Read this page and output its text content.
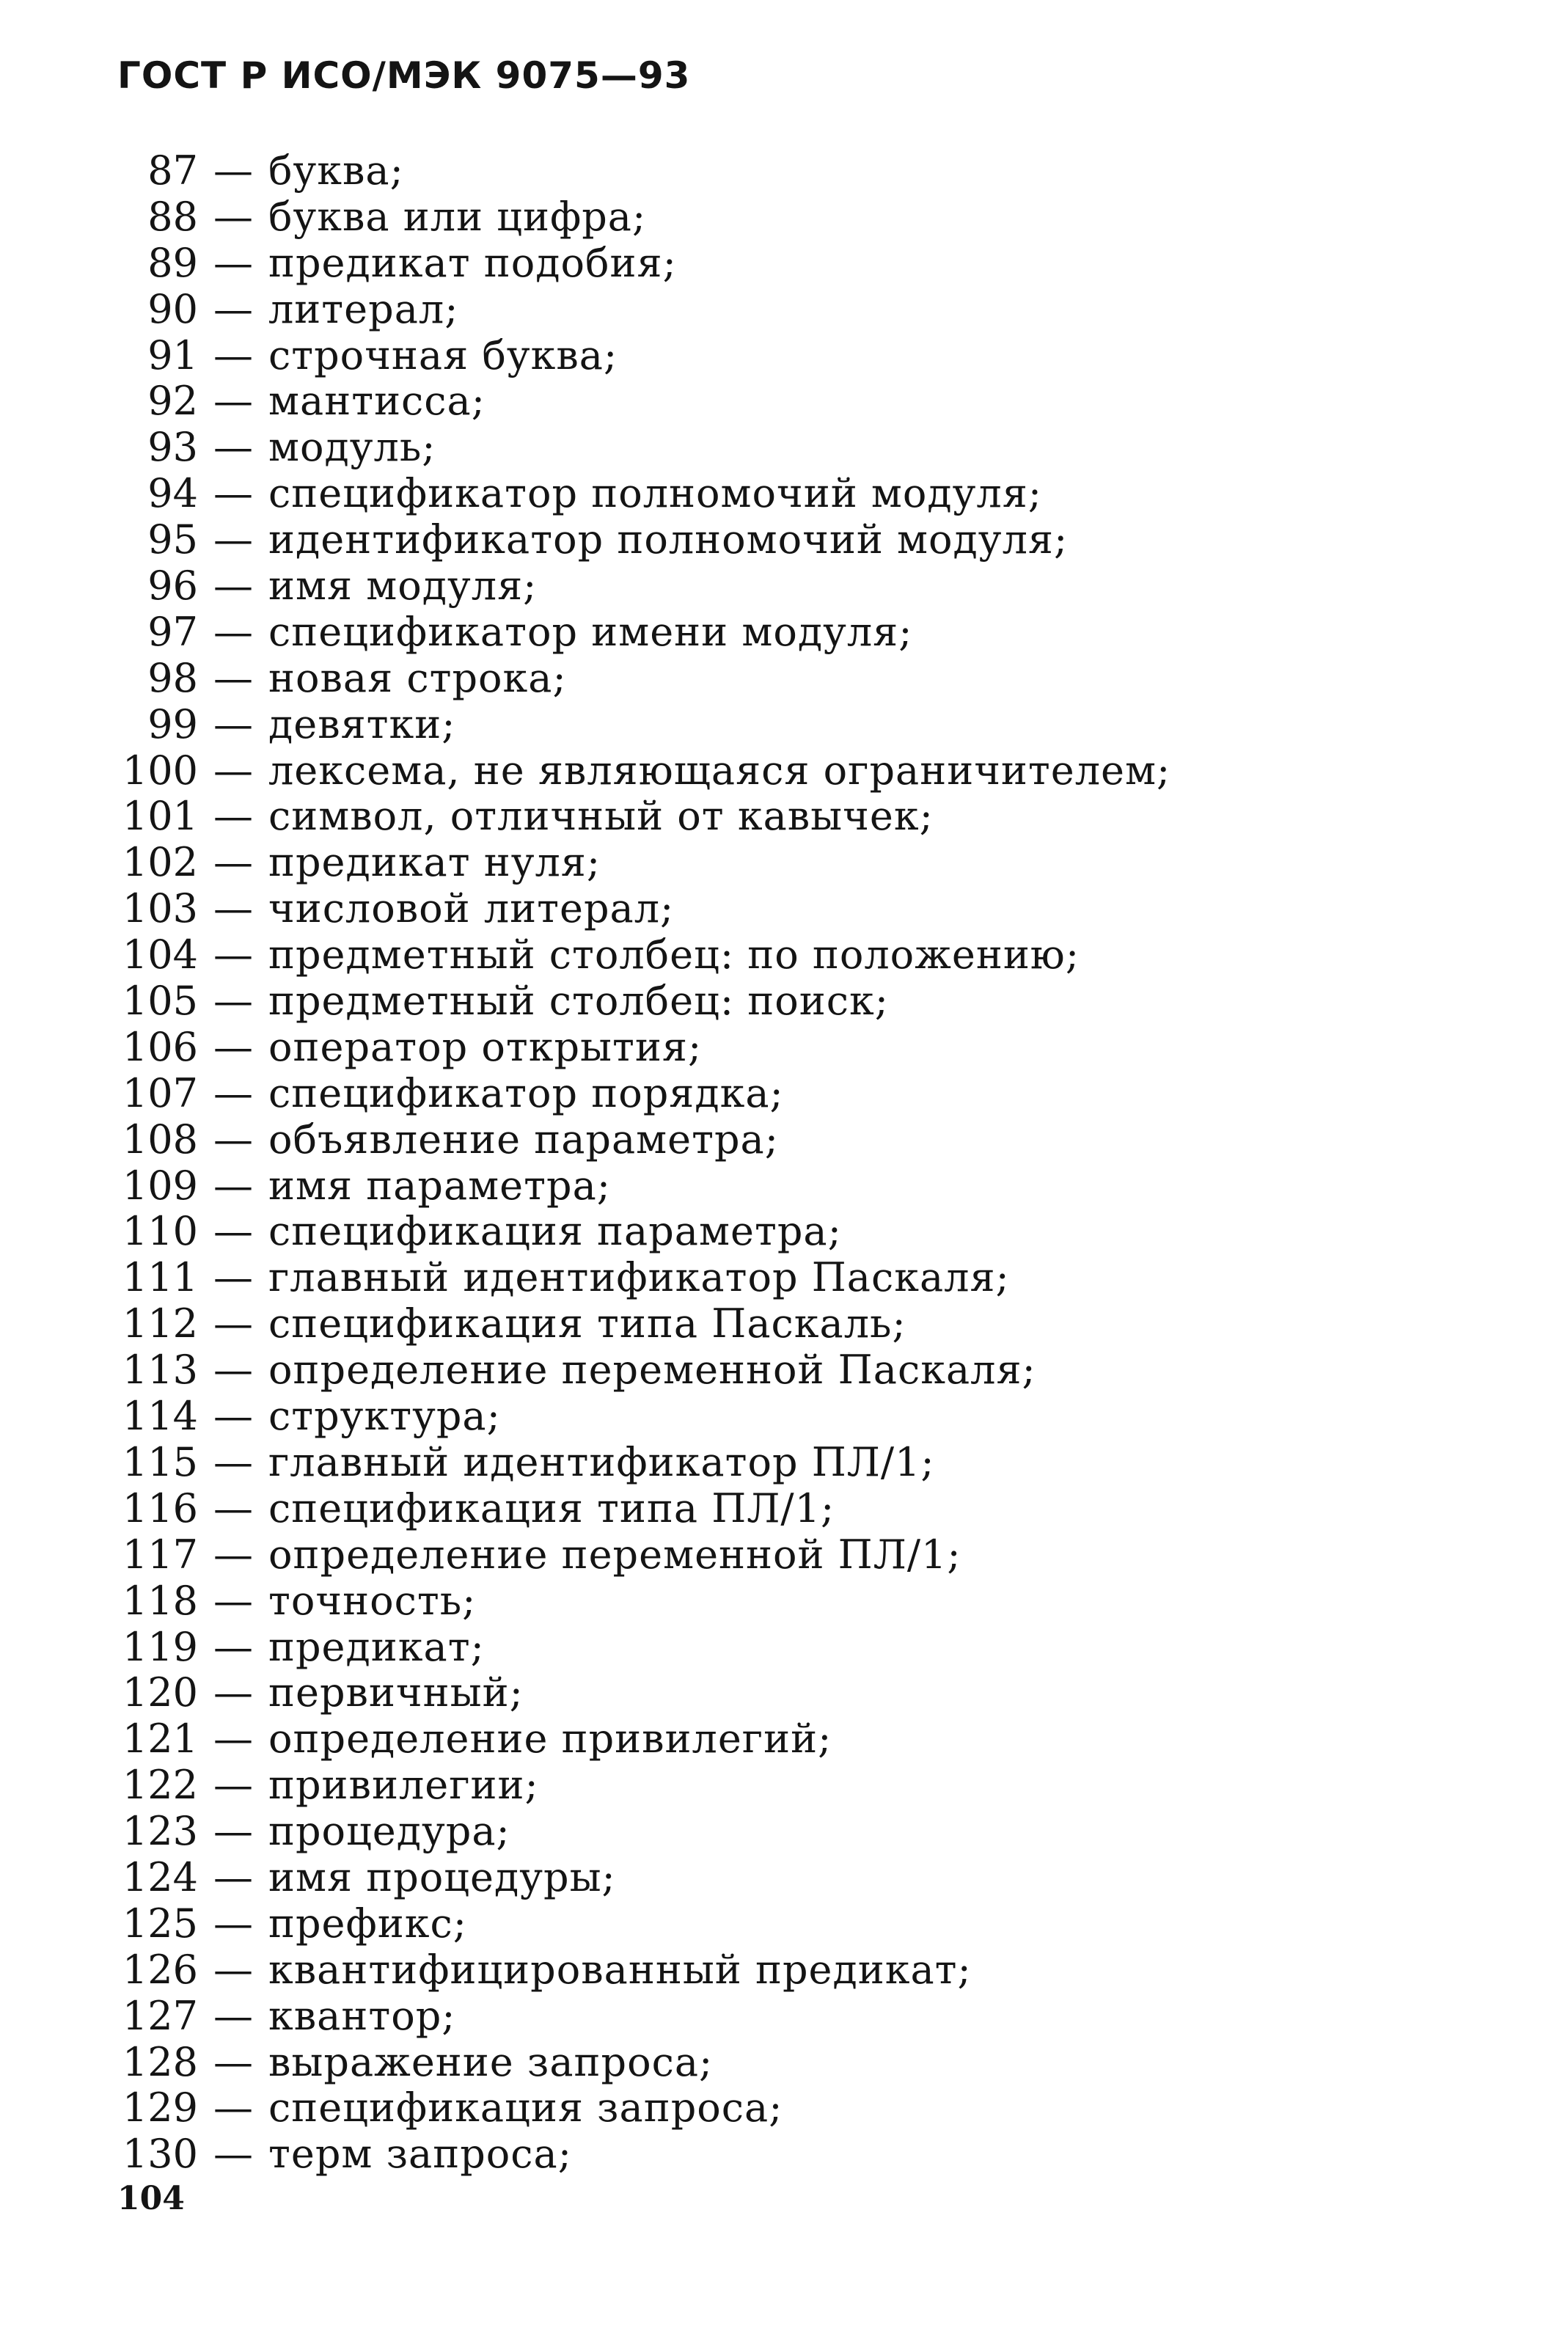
ГОСТ Р ИСО/МЭК 9075—93
87 — буква;
88 — буква или цифра;
89 — предикат подобия;
90 — литерал;
91 — строчная буква;
92 — мантисса;
93 — модуль;
94 — спецификатор полномочий модуля;
95 — идентификатор полномочий модуля;
96 — имя модуля;
97 — спецификатор имени модуля;
98 — новая строка;
99 — девятки;
100 — лексема, не являющаяся ограничителем;
101 — символ, отличный от кавычек;
102 — предикат нуля;
103 — числовой литерал;
104 — предметный столбец: по положению;
105 — предметный столбец: поиск;
106 — оператор открытия;
107 — спецификатор порядка;
108 — объявление параметра;
109 — имя параметра;
110 — спецификация параметра;
111 — главный идентификатор Паскаля;
112 — спецификация типа Паскаль;
113 — определение переменной Паскаля;
114 — структура;
115 — главный идентификатор ПЛ/1;
116 — спецификация типа ПЛ/1;
117 — определение переменной ПЛ/1;
118 — точность;
119 — предикат;
120 — первичный;
121 — определение привилегий;
122 — привилегии;
123 — процедура;
124 — имя процедуры;
125 — префикс;
126 — квантифицированный предикат;
127 — квантор;
128 — выражение запроса;
129 — спецификация запроса;
130 — терм запроса;

104
